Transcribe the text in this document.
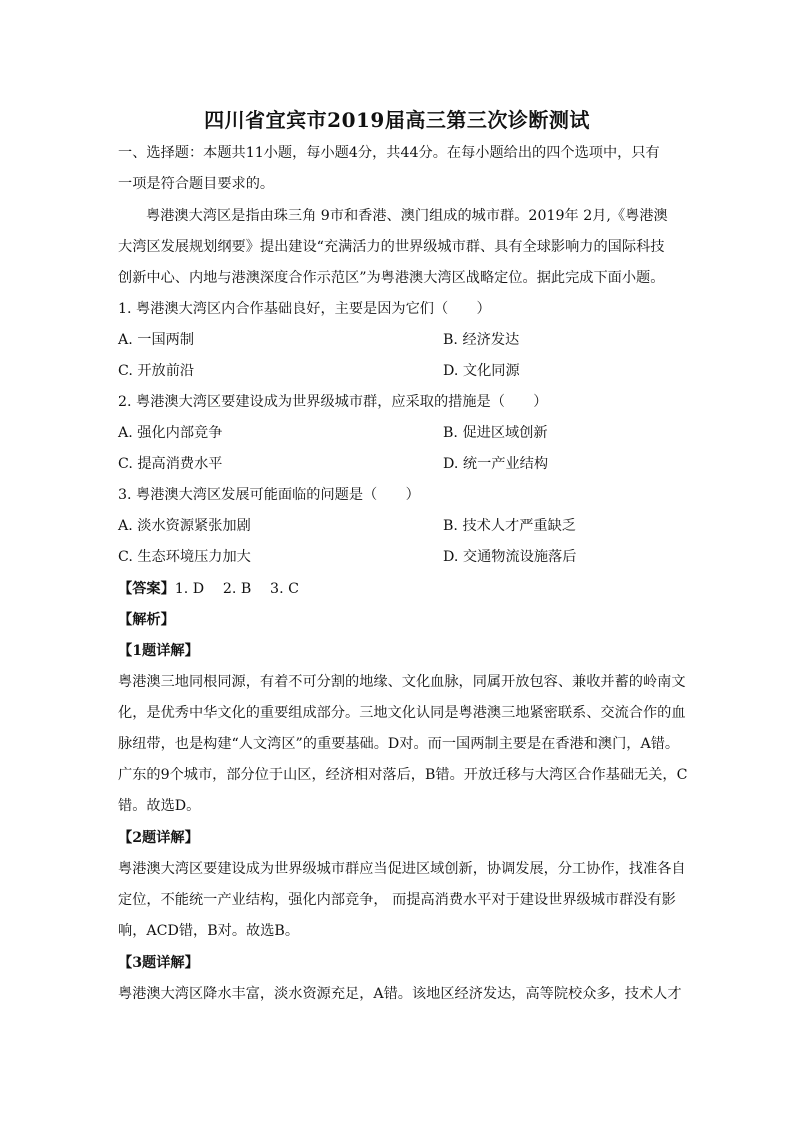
四川省宜宾市2019届高三第三次诊断测试
一、选择题：本题共11小题，每小题4分，共44分。在每小题给出的四个选项中，只有
一项是符合题目要求的。
粤港澳大湾区是指由珠三角 9市和香港、澳门组成的城市群。2019年 2月,《粤港澳
大湾区发展规划纲要》提出建设“充满活力的世界级城市群、具有全球影响力的国际科技
创新中心、内地与港澳深度合作示范区”为粤港澳大湾区战略定位。据此完成下面小题。
1. 粤港澳大湾区内合作基础良好，主要是因为它们（　　）
A. 一国两制	B. 经济发达
C. 开放前沿	D. 文化同源
2. 粤港澳大湾区要建设成为世界级城市群，应采取的措施是（　　）
A. 强化内部竞争	B. 促进区域创新
C. 提高消费水平	D. 统一产业结构
3. 粤港澳大湾区发展可能面临的问题是（　　）
A. 淡水资源紧张加剧	B. 技术人才严重缺乏
C. 生态环境压力加大	D. 交通物流设施落后
【答案】1. D　 2. B　 3. C
【解析】
【1题详解】
粤港澳三地同根同源，有着不可分割的地缘、文化血脉，同属开放包容、兼收并蓄的岭南文
化，是优秀中华文化的重要组成部分。三地文化认同是粤港澳三地紧密联系、交流合作的血
脉纽带，也是构建“人文湾区”的重要基础。D对。而一国两制主要是在香港和澳门，A错。
广东的9个城市，部分位于山区，经济相对落后，B错。开放迁移与大湾区合作基础无关，C
错。故选D。
【2题详解】
粤港澳大湾区要建设成为世界级城市群应当促进区域创新，协调发展，分工协作，找准各自
定位，不能统一产业结构，强化内部竞争， 而提高消费水平对于建设世界级城市群没有影
响，ACD错，B对。故选B。
【3题详解】
粤港澳大湾区降水丰富，淡水资源充足，A错。该地区经济发达，高等院校众多，技术人才
